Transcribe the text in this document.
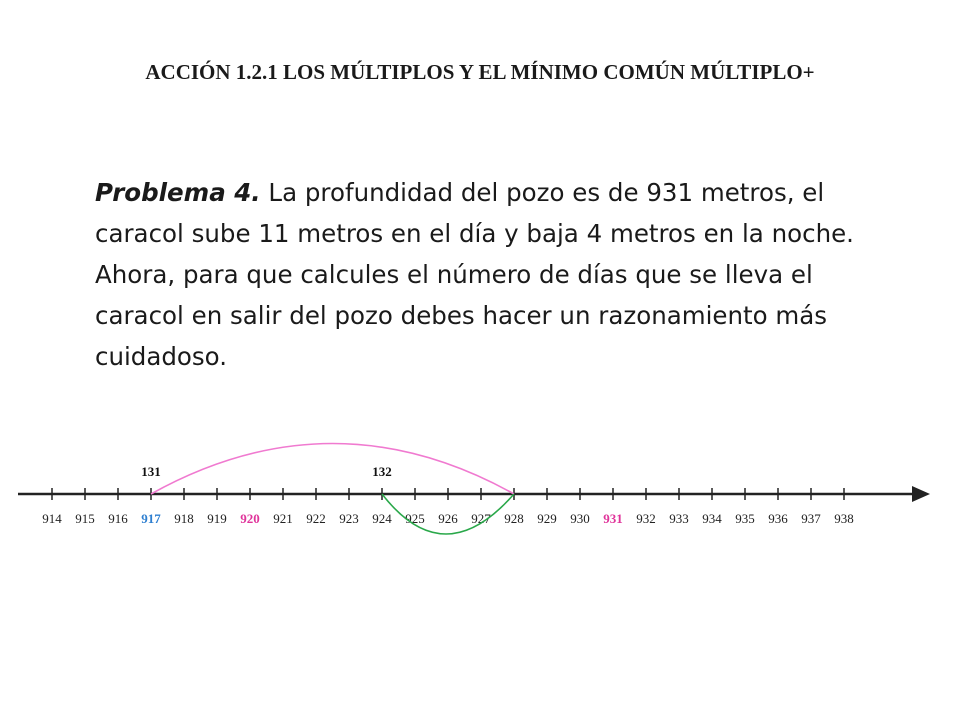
ACCIÓN 1.2.1 LOS MÚLTIPLOS Y EL MÍNIMO COMÚN MÚLTIPLO+
Problema 4. La profundidad del pozo es de 931 metros, el caracol sube 11 metros en el día y baja 4 metros en la noche. Ahora, para que calcules el número de días que se lleva el caracol en salir del pozo debes hacer un razonamiento más cuidadoso.
914 915 916 917 918 919 920 921 922 923 924 925 926 927 928 929 930 931 932 933 934 935 936 937 938
131	132
